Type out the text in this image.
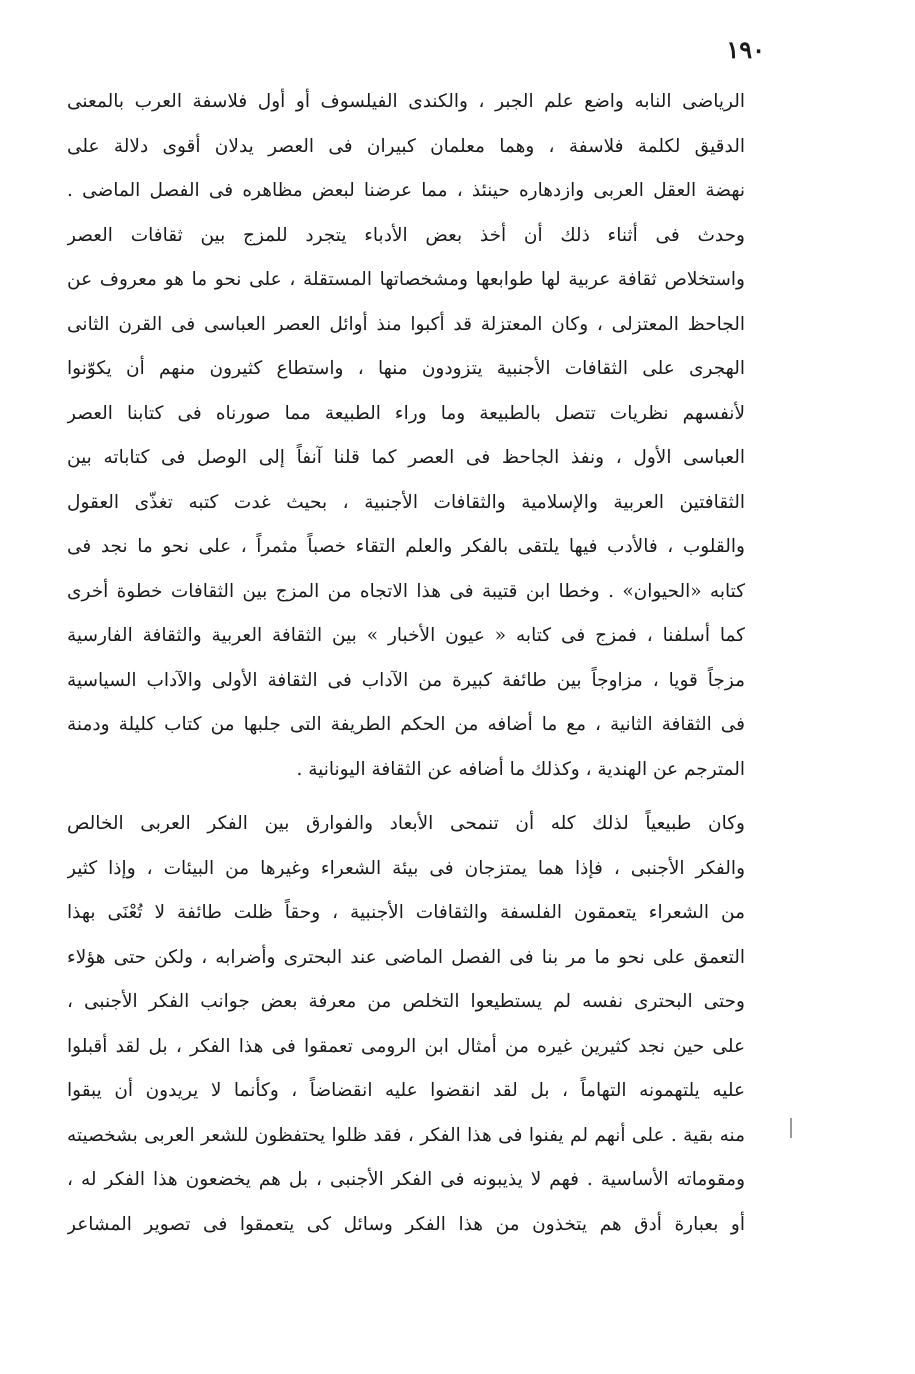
١٩٠
الرياضى النابه واضع علم الجبر ، والكندى الفيلسوف أو أول فلاسفة العرب بالمعنى
الدقيق لكلمة فلاسفة ، وهما معلمان كبيران فى العصر يدلان أقوى دلالة على
نهضة العقل العربى وازدهاره حينئذ ، مما عرضنا لبعض مظاهره فى الفصل الماضى .
وحدث فى أثناء ذلك أن أخذ بعض الأدباء يتجرد للمزج بين ثقافات العصر
واستخلاص ثقافة عربية لها طوابعها ومشخصاتها المستقلة ، على نحو ما هو معروف عن
الجاحظ المعتزلى ، وكان المعتزلة قد أكبوا منذ أوائل العصر العباسى فى القرن الثانى
الهجرى على الثقافات الأجنبية يتزودون منها ، واستطاع كثيرون منهم أن يكوّنوا
لأنفسهم نظريات تتصل بالطبيعة وما وراء الطبيعة مما صورناه فى كتابنا العصر
العباسى الأول ، ونفذ الجاحظ فى العصر كما قلنا آنفاً إلى الوصل فى كتاباته بين
الثقافتين العربية والإسلامية والثقافات الأجنبية ، بحيث غدت كتبه تغذّى العقول
والقلوب ، فالأدب فيها يلتقى بالفكر والعلم التقاء خصباً مثمراً ، على نحو ما نجد فى
كتابه «الحيوان» . وخطا ابن قتيبة فى هذا الاتجاه من المزج بين الثقافات خطوة أخرى
كما أسلفنا ، فمزج فى كتابه « عيون الأخبار » بين الثقافة العربية والثقافة الفارسية
مزجاً قويا ، مزاوجاً بين طائفة كبيرة من الآداب فى الثقافة الأولى والآداب السياسية
فى الثقافة الثانية ، مع ما أضافه من الحكم الطريفة التى جلبها من كتاب كليلة ودمنة
المترجم عن الهندية ، وكذلك ما أضافه عن الثقافة اليونانية .
وكان طبيعياً لذلك كله أن تنمحى الأبعاد والفوارق بين الفكر العربى الخالص
والفكر الأجنبى ، فإذا هما يمتزجان فى بيئة الشعراء وغيرها من البيئات ، وإذا كثير
من الشعراء يتعمقون الفلسفة والثقافات الأجنبية ، وحقاً ظلت طائفة لا تُعْنَى بهذا
التعمق على نحو ما مر بنا فى الفصل الماضى عند البحترى وأضرابه ، ولكن حتى هؤلاء
وحتى البحترى نفسه لم يستطيعوا التخلص من معرفة بعض جوانب الفكر الأجنبى ،
على حين نجد كثيرين غيره من أمثال ابن الرومى تعمقوا فى هذا الفكر ، بل لقد أقبلوا
عليه يلتهمونه التهاماً ، بل لقد انقضوا عليه انقضاضاً ، وكأنما لا يريدون أن يبقوا
منه بقية . على أنهم لم يفنوا فى هذا الفكر ، فقد ظلوا يحتفظون للشعر العربى بشخصيته
ومقوماته الأساسية . فهم لا يذيبونه فى الفكر الأجنبى ، بل هم يخضعون هذا الفكر له ،
أو بعبارة أدق هم يتخذون من هذا الفكر وسائل كى يتعمقوا فى تصوير المشاعر
